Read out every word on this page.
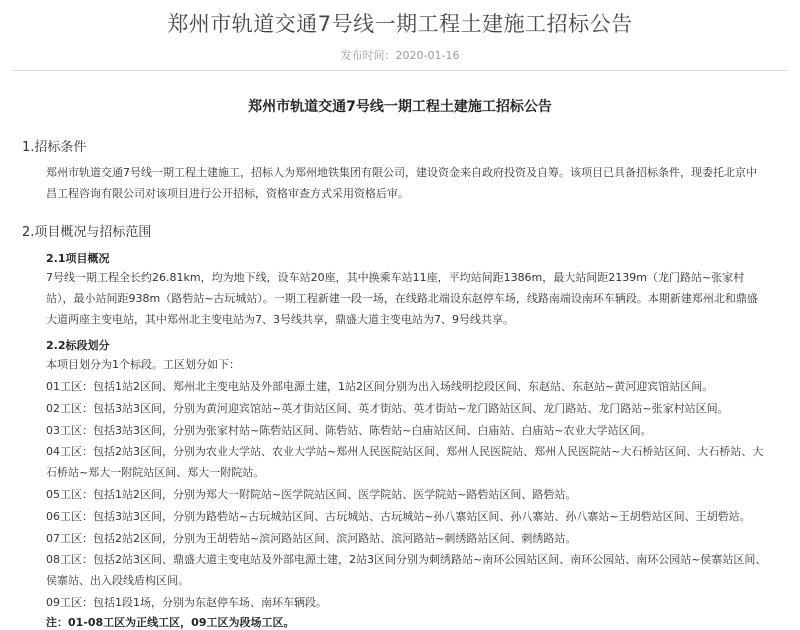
郑州市轨道交通7号线一期工程土建施工招标公告
发布时间：2020-01-16
郑州市轨道交通7号线一期工程土建施工招标公告
1.招标条件

郑州市轨道交通7号线一期工程土建施工，招标人为郑州地铁集团有限公司，建设资金来自政府投资及自筹。该项目已具备招标条件，现委托北京中昌工程咨询有限公司对该项目进行公开招标，资格审查方式采用资格后审。

2.项目概况与招标范围
2.1项目概况

7号线一期工程全长约26.81km，均为地下线，设车站20座，其中换乘车站11座，平均站间距1386m，最大站间距2139m（龙门路站~张家村站），最小站间距938m（路砦站~古玩城站）。一期工程新建一段一场，在线路北端设东赵停车场，线路南端设南环车辆段。本期新建郑州北和鼎盛大道两座主变电站，其中郑州北主变电站为7、3号线共享，鼎盛大道主变电站为7、9号线共享。

2.2标段划分

本项目划分为1个标段。工区划分如下：

01工区：包括1站2区间、郑州北主变电站及外部电源土建，1站2区间分别为出入场线明挖段区间、东赵站、东赵站~黄河迎宾馆站区间。

02工区：包括3站3区间，分别为黄河迎宾馆站~英才街站区间、英才街站、英才街站~龙门路站区间、龙门路站、龙门路站~张家村站区间。

03工区：包括3站3区间，分别为张家村站~陈砦站区间、陈砦站、陈砦站~白庙站区间、白庙站、白庙站~农业大学站区间。

04工区：包括2站3区间，分别为农业大学站、农业大学站~郑州人民医院站区间、郑州人民医院站、郑州人民医院站~大石桥站区间、大石桥站、大石桥站~郑大一附院站区间、郑大一附院站。

05工区：包括1站2区间，分别为郑大一附院站~医学院站区间、医学院站、医学院站~路砦站区间、路砦站。

06工区：包括3站3区间，分别为路砦站~古玩城站区间、古玩城站、古玩城站~孙八寨站区间、孙八寨站、孙八寨站~王胡砦站区间、王胡砦站。

07工区：包括2站2区间，分别为王胡砦站~滨河路站区间、滨河路站、滨河路站~刺绣路站区间、刺绣路站。

08工区：包括2站3区间、鼎盛大道主变电站及外部电源土建，2站3区间分别为刺绣路站~南环公园站区间、南环公园站、南环公园站~侯寨站区间、侯寨站、出入段线盾构区间。

09工区：包括1段1场，分别为东赵停车场、南环车辆段。

注：01-08工区为正线工区，09工区为段场工区。
